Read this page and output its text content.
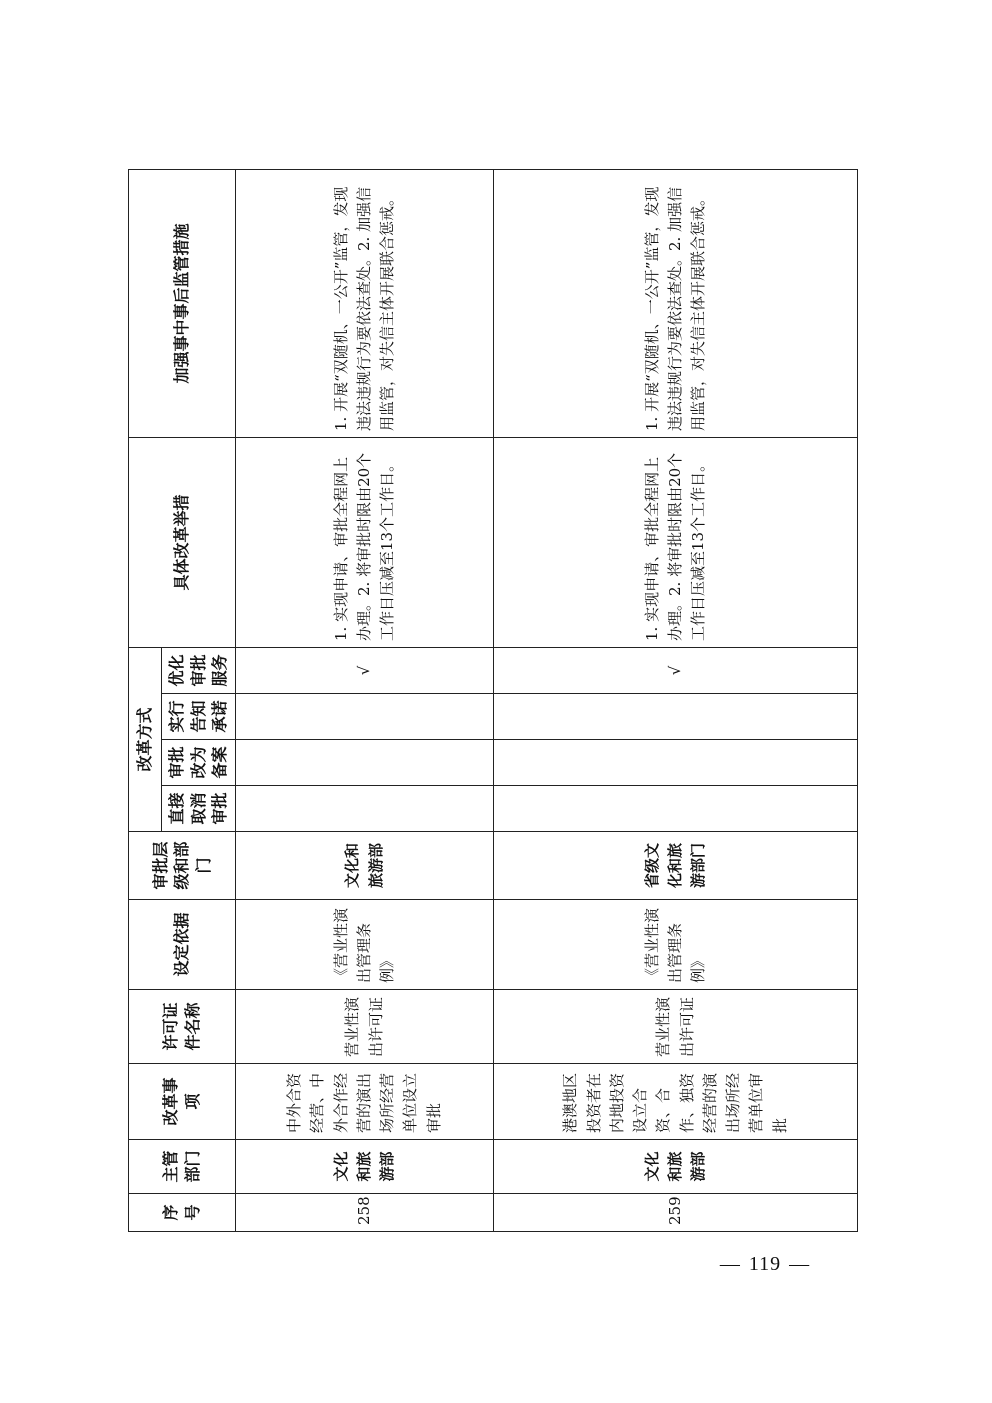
序号	主管部门	改革事项	许可证件名称	设定依据	审批层级和部门	改革方式				具体改革举措	加强事中事后监管措施
						直接取消审批	审批改为备案	实行告知承诺	优化审批服务		
258	文化和旅游部	中外合资经营、中外合作经营的演出场所经营单位设立审批	营业性演出许可证	《营业性演出管理条例》	文化和旅游部				√	1. 实现申请、审批全程网上办理。2. 将审批时限由20个工作日压减至13个工作日。	1. 开展“双随机、一公开”监管，发现违法违规行为要依法查处。2. 加强信用监管，对失信主体开展联合惩戒。
259	文化和旅游部	港澳地区投资者在内地投资设立合资、合作、独资经营的演出场所经营单位审批	营业性演出许可证	《营业性演出管理条例》	省级文化和旅游部门				√	1. 实现申请、审批全程网上办理。2. 将审批时限由20个工作日压减至13个工作日。	1. 开展“双随机、一公开”监管，发现违法违规行为要依法查处。2. 加强信用监管，对失信主体开展联合惩戒。
— 119 —
